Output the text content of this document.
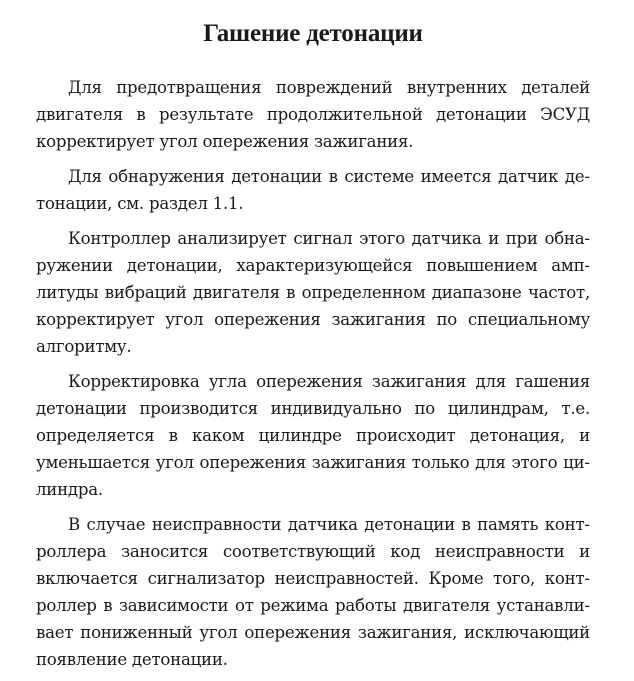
Гашение детонации

Для предотвращения повреждений внутренних деталей двигателя в результате продолжительной детонации ЭСУД корректирует угол опережения зажигания.

Для обнаружения детонации в системе имеется датчик детонации, см. раздел 1.1.

Контроллер анализирует сигнал этого датчика и при обнаружении детонации, характеризующейся повышением амплитуды вибраций двигателя в определенном диапазоне частот, корректирует угол опережения зажигания по специальному алгоритму.

Корректировка угла опережения зажигания для гашения детонации производится индивидуально по цилиндрам, т.е. определяется в каком цилиндре происходит детонация, и уменьшается угол опережения зажигания только для этого цилиндра.

В случае неисправности датчика детонации в память контроллера заносится соответствующий код неисправности и включается сигнализатор неисправностей. Кроме того, контроллер в зависимости от режима работы двигателя устанавливает пониженный угол опережения зажигания, исключающий появление детонации.
